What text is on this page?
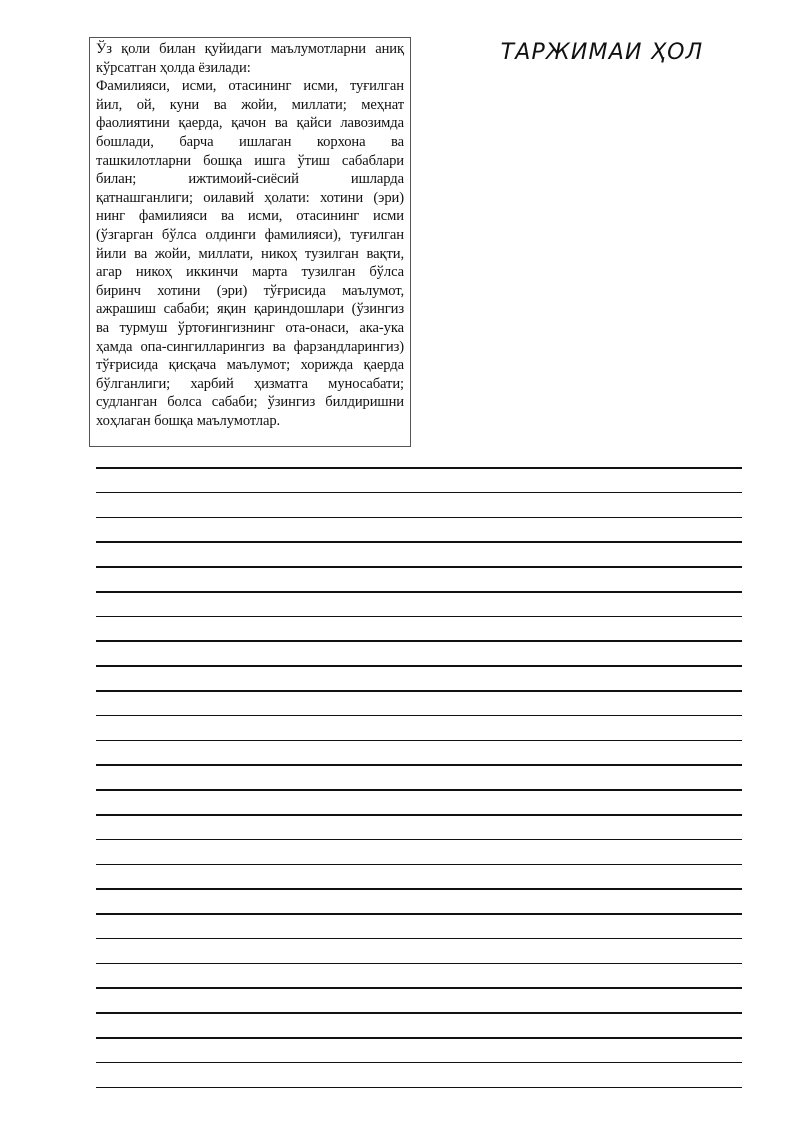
Ўз қоли билан қуйидаги маълумотларни аниқ
кўрсатган ҳолда ёзилади:
Фамилияси, исми, отасининг исми, туғилган
йил, ой, куни ва жойи, миллати; меҳнат
фаолиятини қаерда, қачон ва қайси лавозимда
бошлади, барча ишлаган корхона ва
ташкилотларни бошқа ишга ўтиш сабаблари
билан; ижтимоий-сиёсий ишларда
қатнашганлиги; оилавий ҳолати: хотини (эри)
нинг фамилияси ва исми, отасининг исми
(ўзгарган бўлса олдинги фамилияси), туғилган
йили ва жойи, миллати, никоҳ тузилган вақти,
агар никоҳ иккинчи марта тузилган бўлса
биринч хотини (эри) тўғрисида маълумот,
ажрашиш сабаби; яқин қариндошлари (ўзингиз
ва турмуш ўртоғингизнинг ота-онаси, ака-ука
ҳамда опа-сингилларингиз ва фарзандларингиз)
тўғрисида қисқача маълумот; хорижда қаерда
бўлганлиги; харбий ҳизматга муносабати;
судланган болса сабаби; ўзингиз билдиришни
хоҳлаган бошқа маълумотлар.
ТАРЖИМАИ ҲОЛ
